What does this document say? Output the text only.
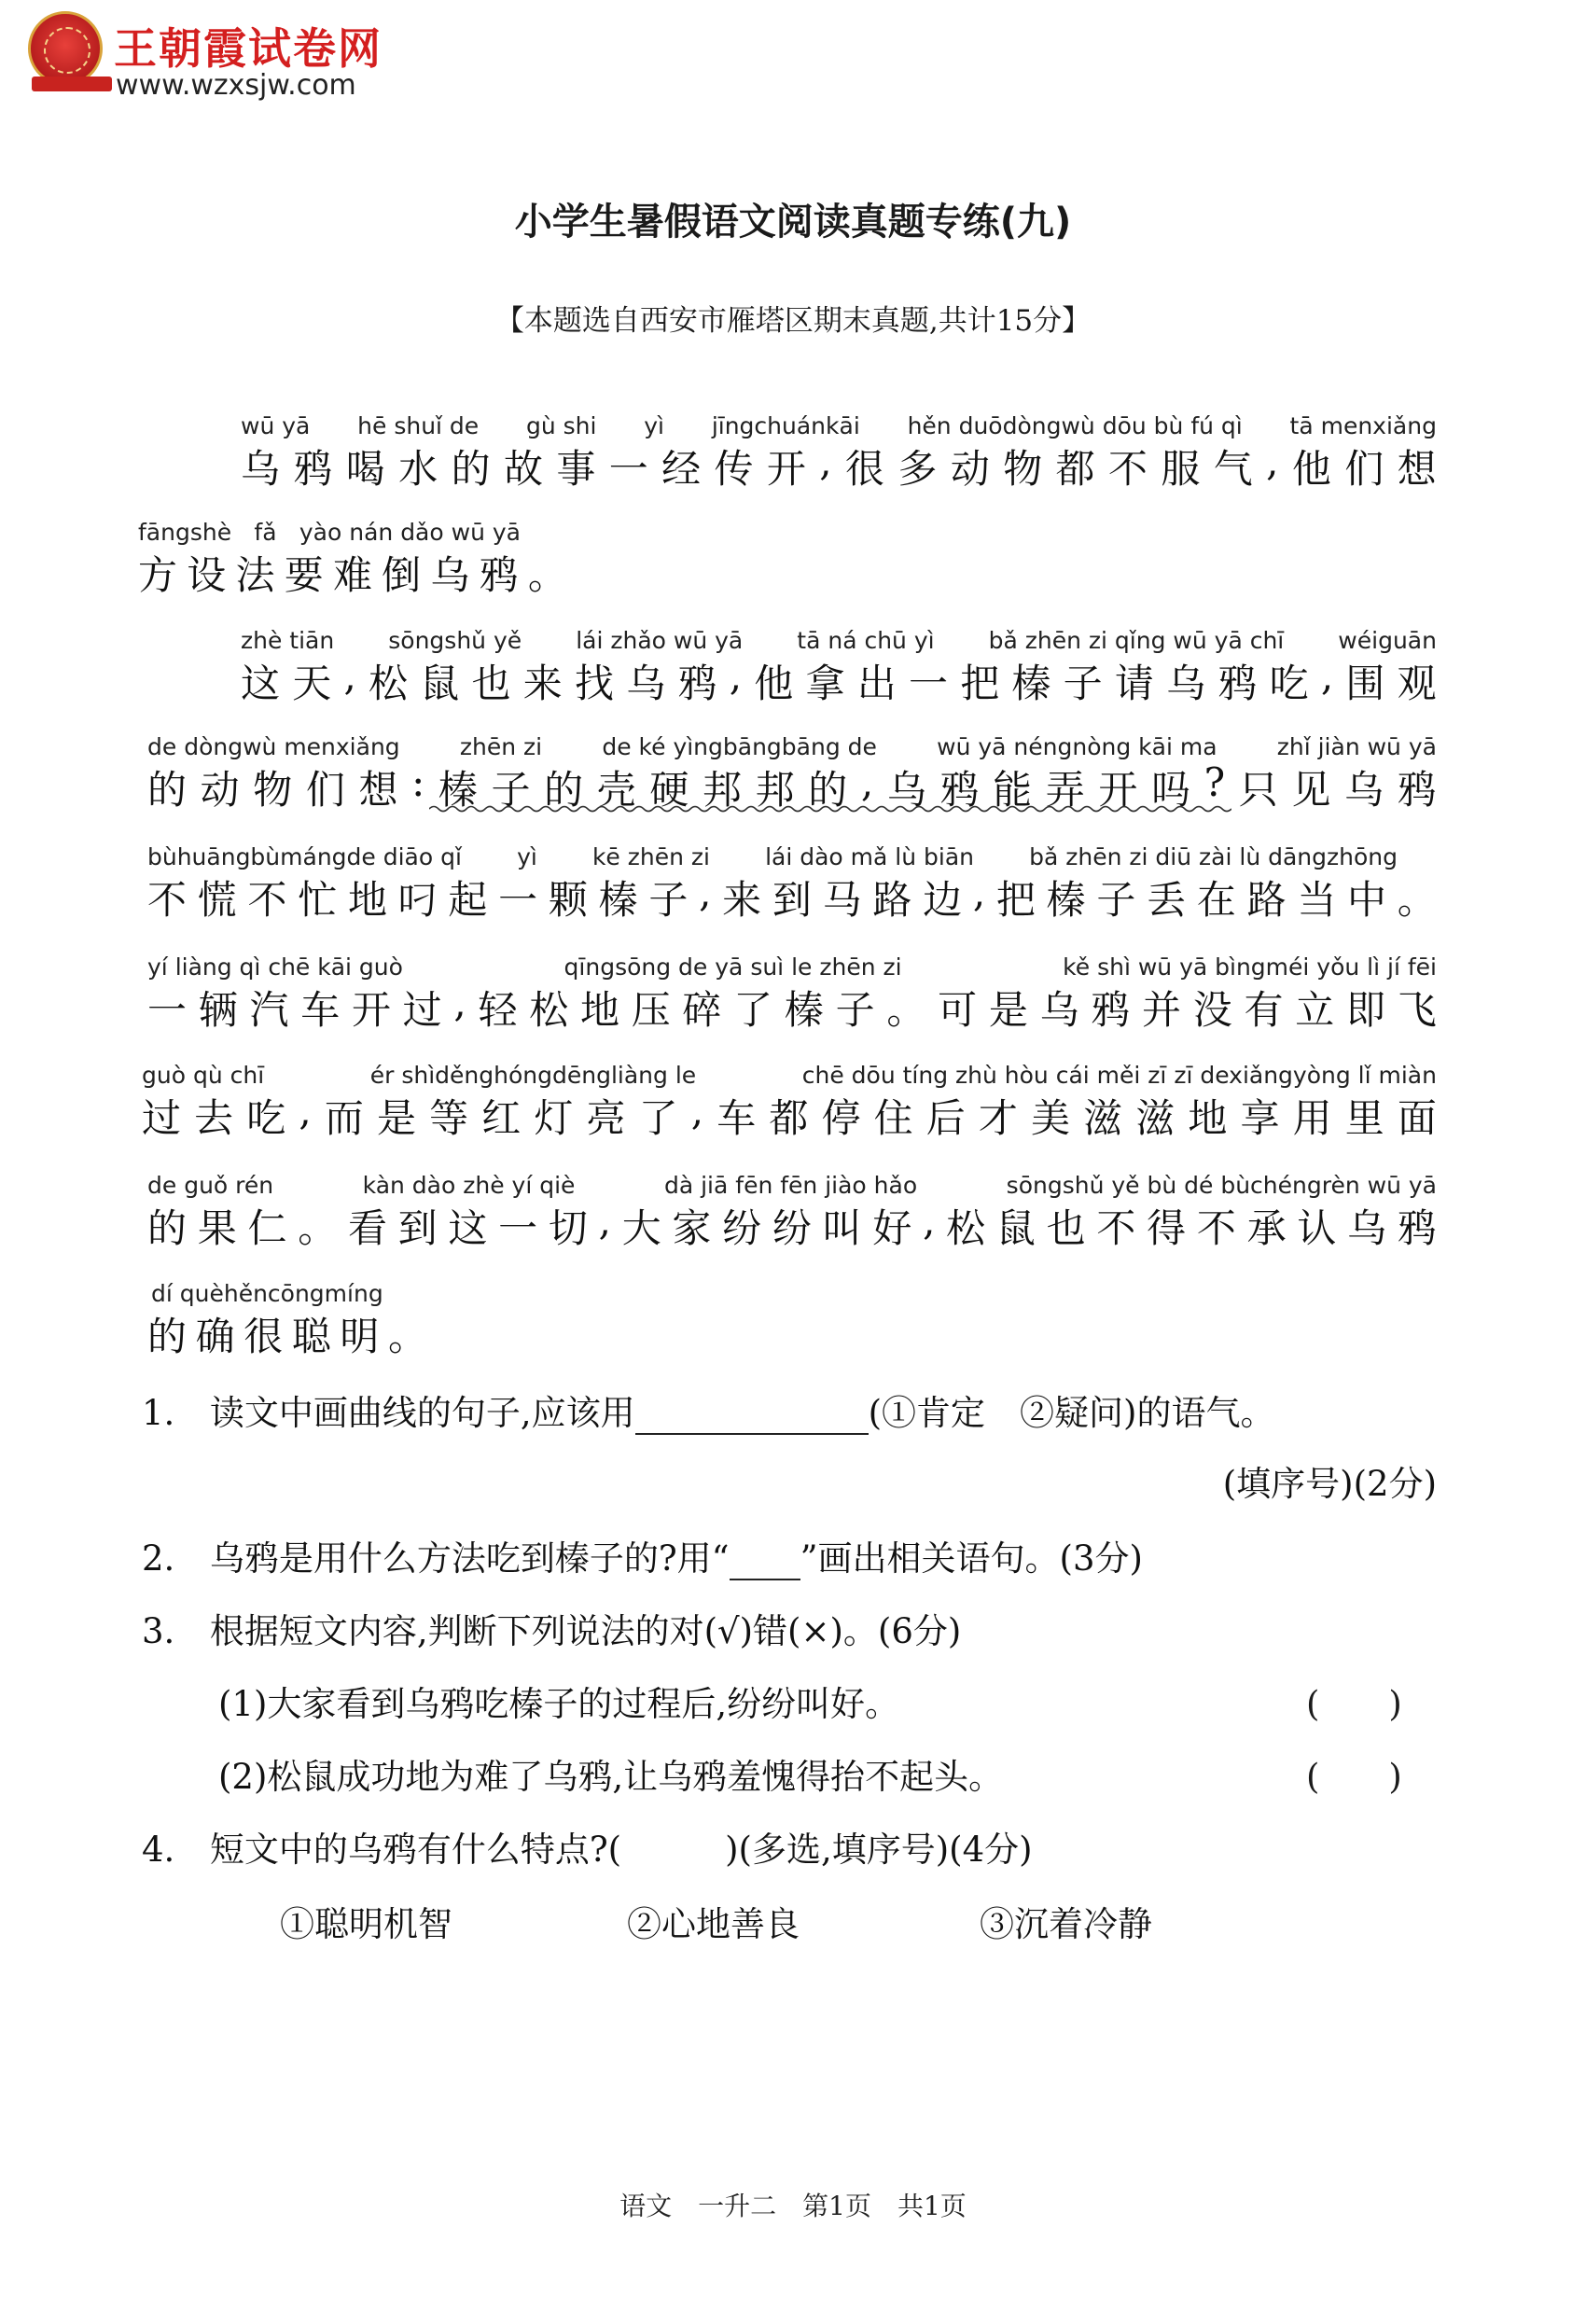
王朝霞试卷网
www.wzxsjw.com
小学生暑假语文阅读真题专练(九)
【本题选自西安市雁塔区期末真题,共计15分】
wū yā hē shuǐ de gù shi yì jīngchuánkāi hěn duōdòngwù dōu bù fú qì tā menxiǎng
乌 鸦 喝 水 的 故 事 一 经 传 开 , 很 多 动 物 都 不 服 气 , 他 们 想
fāngshè fǎ yào nán dǎo wū yā
方 设 法 要 难 倒 乌 鸦 。
zhè tiān sōngshǔ yě lái zhǎo wū yā tā ná chū yì bǎ zhēn zi qǐng wū yā chī wéiguān
这 天 , 松 鼠 也 来 找 乌 鸦 , 他 拿 出 一 把 榛 子 请 乌 鸦 吃 , 围 观
de dòngwù menxiǎng	zhēn zi	de ké yìngbāngbāng de	wū yā néngnòng kāi ma	zhǐ jiàn wū yā
的 动 物 们 想 : 榛 子 的 壳 硬 邦 邦 的 , 乌 鸦 能 弄 开 吗 ? 只 见 乌 鸦
bùhuāngbùmángde diāo qǐ yì kē zhēn zi lái dào mǎ lù biān bǎ zhēn zi diū zài lù dāngzhōng
不 慌 不 忙 地 叼 起 一 颗 榛 子 , 来 到 马 路 边 , 把 榛 子 丢 在 路 当 中 。
yí liàng qì chē kāi guò	qīngsōng de yā suì le zhēn zi	kě shì wū yā bìngméi yǒu lì jí fēi
一 辆 汽 车 开 过 , 轻 松 地 压 碎 了 榛 子 。 可 是 乌 鸦 并 没 有 立 即 飞
guò qù chī	ér shìděnghóngdēngliàng le	chē dōu tíng zhù hòu cái měi zī zī dexiǎngyòng lǐ miàn
过 去 吃 , 而 是 等 红 灯 亮 了 , 车 都 停 住 后 才 美 滋 滋 地 享 用 里 面
de guǒ rén	kàn dào zhè yí qiè	dà jiā fēn fēn jiào hǎo	sōngshǔ yě bù dé bùchéngrèn wū yā
的 果 仁 。 看 到 这 一 切 , 大 家 纷 纷 叫 好 , 松 鼠 也 不 得 不 承 认 乌 鸦
dí quèhěncōngmíng
的 确 很 聪 明 。
1. 读文中画曲线的句子,应该用	(①肯定　②疑问)的语气。
(填序号)(2分)
2. 乌鸦是用什么方法吃到榛子的?用“ ”画出相关语句。(3分)
3. 根据短文内容,判断下列说法的对(√)错(×)。(6分)
(1)大家看到乌鸦吃榛子的过程后,纷纷叫好。	(　　)
(2)松鼠成功地为难了乌鸦,让乌鸦羞愧得抬不起头。	(　　)
4. 短文中的乌鸦有什么特点?(　　　)(多选,填序号)(4分)
①聪明机智	②心地善良	③沉着冷静
语文　一升二　第1页　共1页
